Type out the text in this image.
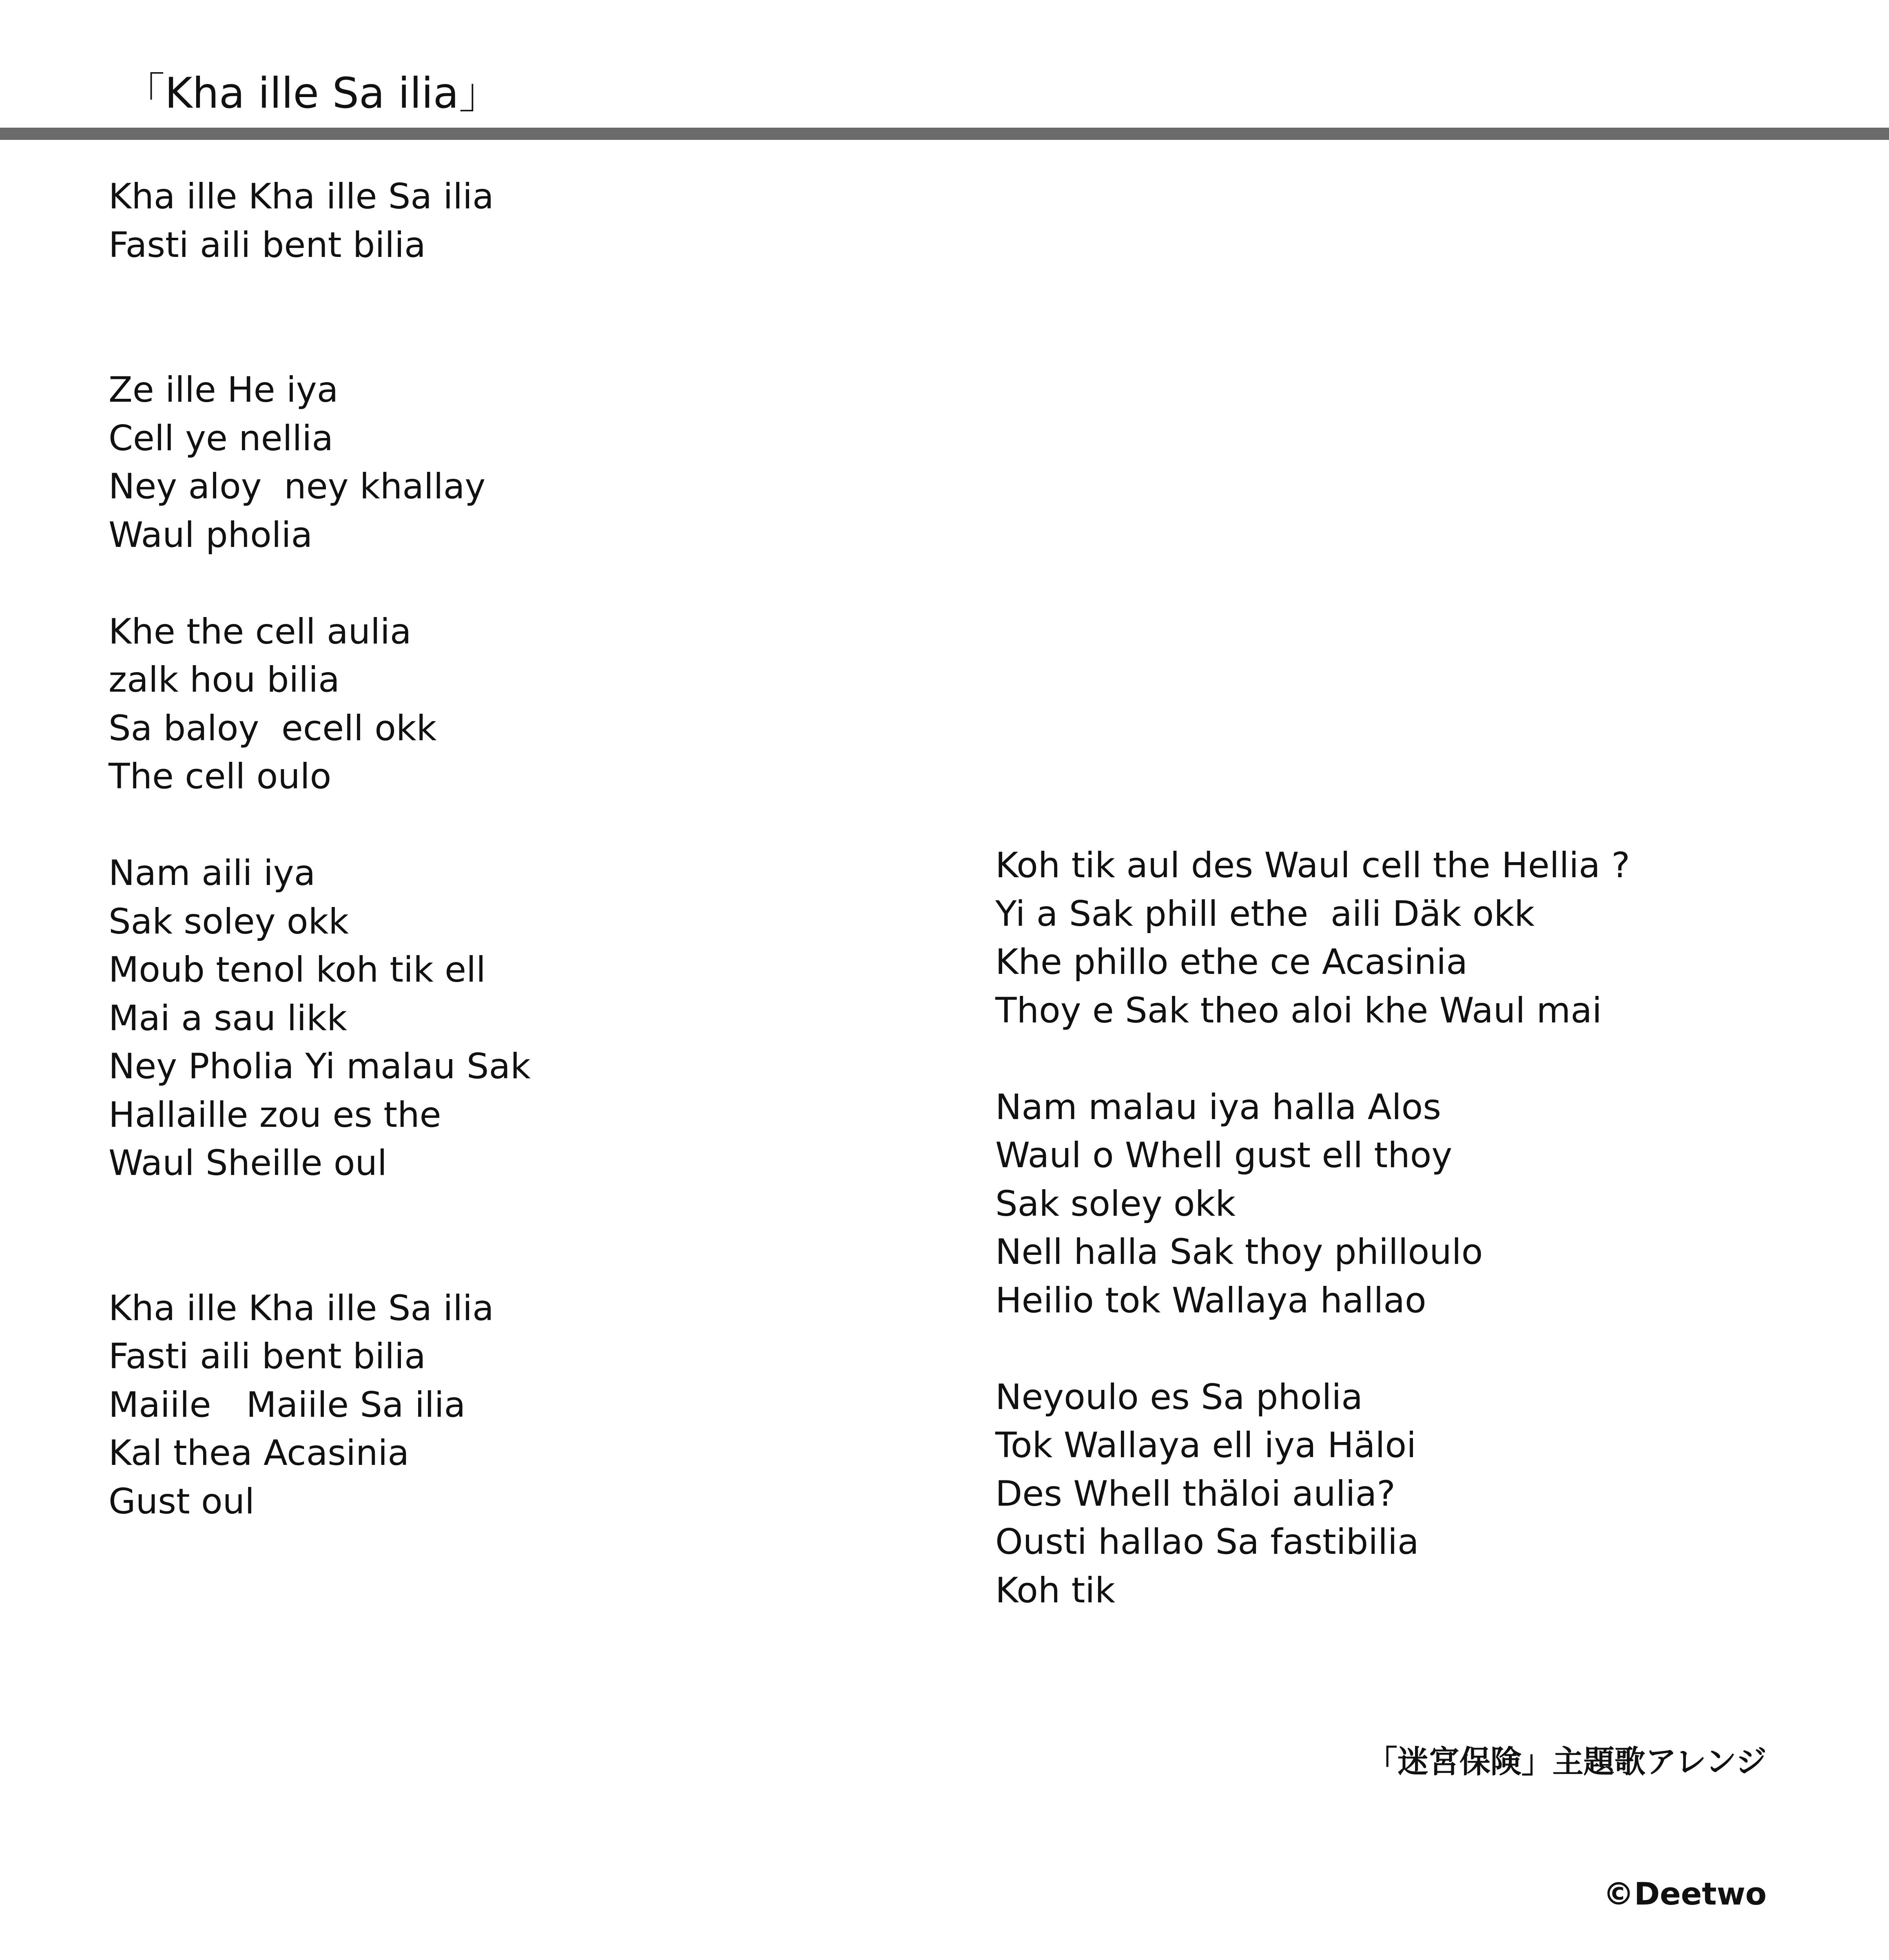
「Kha ille Sa ilia」
Kha ille Kha ille Sa ilia
Fasti aili bent bilia
Ze ille He iya
Cell ye nellia
Ney aloy  ney khallay
Waul pholia
Khe the cell aulia
zalk hou bilia
Sa baloy  ecell okk
The cell oulo
Nam aili iya
Sak soley okk
Moub tenol koh tik ell
Mai a sau likk
Ney Pholia Yi malau Sak
Hallaille zou es the
Waul Sheille oul
Kha ille Kha ille Sa ilia
Fasti aili bent bilia
Maiile　Maiile Sa ilia
Kal thea Acasinia
Gust oul
Koh tik aul des Waul cell the Hellia ?
Yi a Sak phill ethe  aili Däk okk
Khe phillo ethe ce Acasinia
Thoy e Sak theo aloi khe Waul mai
Nam malau iya halla Alos
Waul o Whell gust ell thoy
Sak soley okk
Nell halla Sak thoy philloulo
Heilio tok Wallaya hallao
Neyoulo es Sa pholia
Tok Wallaya ell iya Häloi
Des Whell thäloi aulia?
Ousti hallao Sa fastibilia
Koh tik

「迷宮保険」主題歌アレンジ

©Deetwo
